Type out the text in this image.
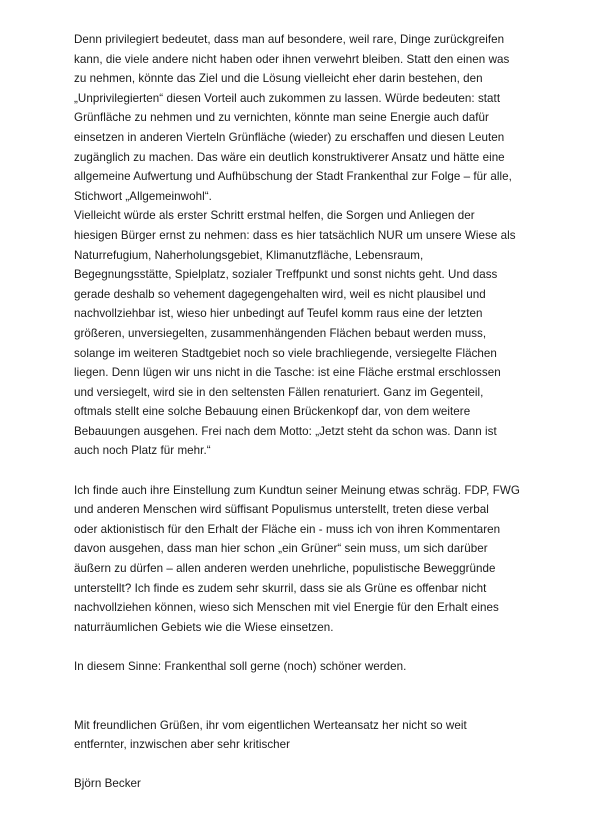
Denn privilegiert bedeutet, dass man auf besondere, weil rare, Dinge zurückgreifen
kann, die viele andere nicht haben oder ihnen verwehrt bleiben. Statt den einen was
zu nehmen, könnte das Ziel und die Lösung vielleicht eher darin bestehen, den
„Unprivilegierten“ diesen Vorteil auch zukommen zu lassen. Würde bedeuten: statt
Grünfläche zu nehmen und zu vernichten, könnte man seine Energie auch dafür
einsetzen in anderen Vierteln Grünfläche (wieder) zu erschaffen und diesen Leuten
zugänglich zu machen. Das wäre ein deutlich konstruktiverer Ansatz und hätte eine
allgemeine Aufwertung und Aufhübschung der Stadt Frankenthal zur Folge – für alle,
Stichwort „Allgemeinwohl“.

Vielleicht würde als erster Schritt erstmal helfen, die Sorgen und Anliegen der
hiesigen Bürger ernst zu nehmen: dass es hier tatsächlich NUR um unsere Wiese als
Naturrefugium, Naherholungsgebiet, Klimanutzfläche, Lebensraum,
Begegnungsstätte, Spielplatz, sozialer Treffpunkt und sonst nichts geht. Und dass
gerade deshalb so vehement dagegengehalten wird, weil es nicht plausibel und
nachvollziehbar ist, wieso hier unbedingt auf Teufel komm raus eine der letzten
größeren, unversiegelten, zusammenhängenden Flächen bebaut werden muss,
solange im weiteren Stadtgebiet noch so viele brachliegende, versiegelte Flächen
liegen. Denn lügen wir uns nicht in die Tasche: ist eine Fläche erstmal erschlossen
und versiegelt, wird sie in den seltensten Fällen renaturiert. Ganz im Gegenteil,
oftmals stellt eine solche Bebauung einen Brückenkopf dar, von dem weitere
Bebauungen ausgehen. Frei nach dem Motto: „Jetzt steht da schon was. Dann ist
auch noch Platz für mehr.“

Ich finde auch ihre Einstellung zum Kundtun seiner Meinung etwas schräg. FDP, FWG
und anderen Menschen wird süffisant Populismus unterstellt, treten diese verbal
oder aktionistisch für den Erhalt der Fläche ein - muss ich von ihren Kommentaren
davon ausgehen, dass man hier schon „ein Grüner“ sein muss, um sich darüber
äußern zu dürfen – allen anderen werden unehrliche, populistische Beweggründe
unterstellt? Ich finde es zudem sehr skurril, dass sie als Grüne es offenbar nicht
nachvollziehen können, wieso sich Menschen mit viel Energie für den Erhalt eines
naturräumlichen Gebiets wie die Wiese einsetzen.

In diesem Sinne: Frankenthal soll gerne (noch) schöner werden.

Mit freundlichen Grüßen, ihr vom eigentlichen Werteansatz her nicht so weit
entfernter, inzwischen aber sehr kritischer

Björn Becker
